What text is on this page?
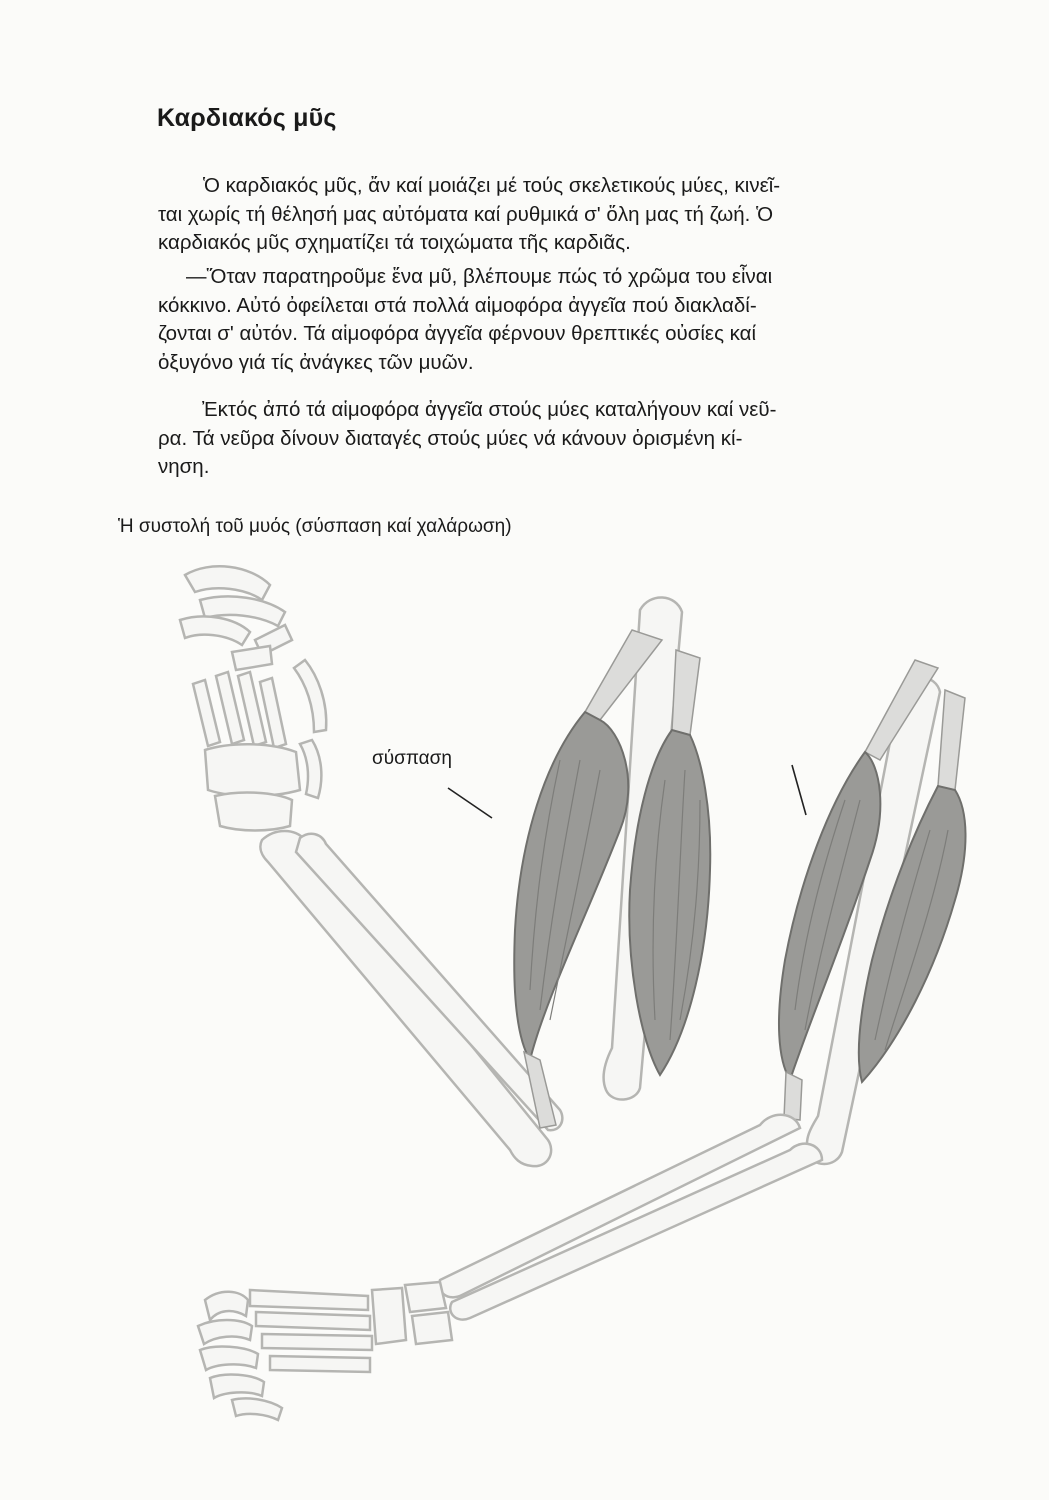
Καρδιακός μῦς
Ὁ καρδιακός μῦς, ἄν καί μοιάζει μέ τούς σκελετικούς μύες, κινεῖ-
ται χωρίς τή θέλησή μας αὐτόματα καί ρυθμικά σ' ὅλη μας τή ζωή. Ὁ
καρδιακός μῦς σχηματίζει τά τοιχώματα τῆς καρδιᾶς.
—Ὅταν παρατηροῦμε ἕνα μῦ, βλέπουμε πώς τό χρῶμα του εἶναι
κόκκινο. Αὐτό ὀφείλεται στά πολλά αἱμοφόρα ἀγγεῖα πού διακλαδί-
ζονται σ' αὐτόν. Τά αἱμοφόρα ἀγγεῖα φέρνουν θρεπτικές οὐσίες καί
ὀξυγόνο γιά τίς ἀνάγκες τῶν μυῶν.
Ἐκτός ἀπό τά αἱμοφόρα ἀγγεῖα στούς μύες καταλήγουν καί νεῦ-
ρα. Τά νεῦρα δίνουν διαταγές στούς μύες νά κάνουν ὁρισμένη κί-
νηση.

Ἡ συστολή τοῦ μυός (σύσπαση καί χαλάρωση)

σύσπαση
